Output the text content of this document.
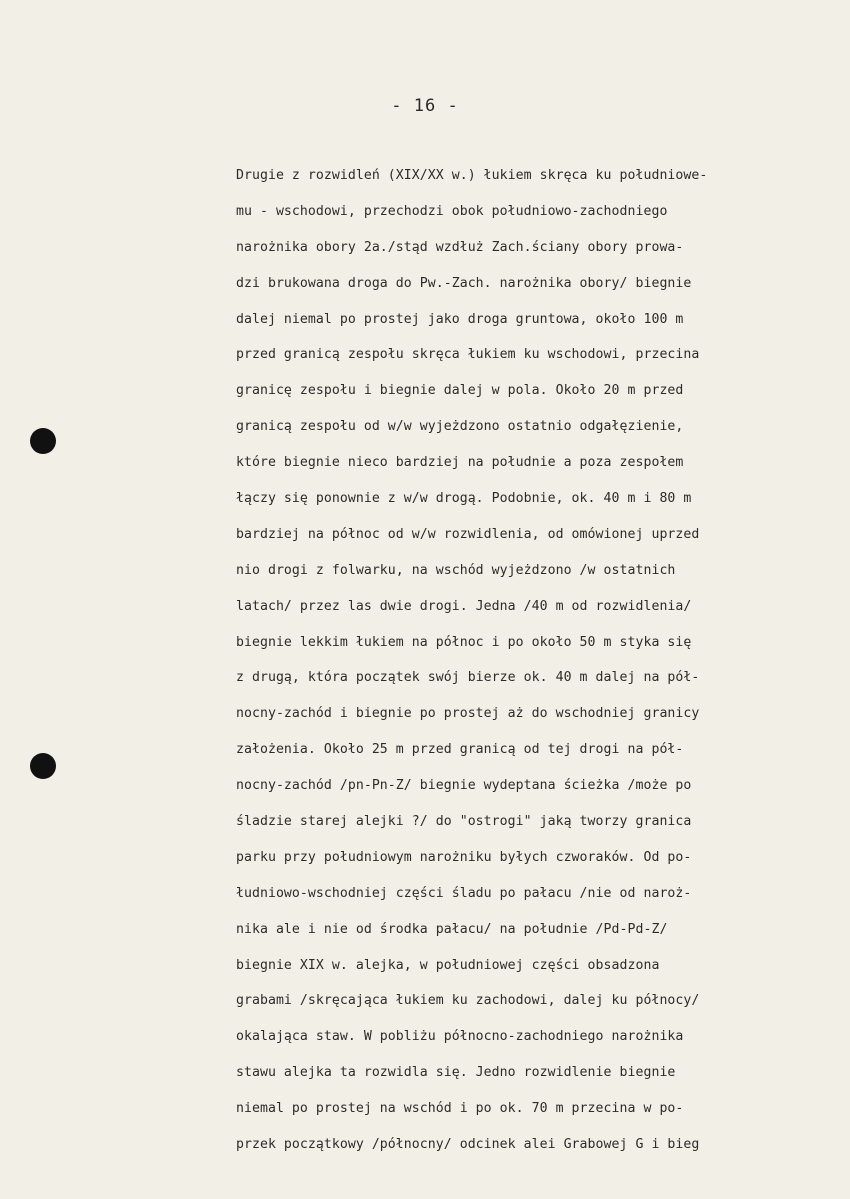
- 16 -
Drugie z rozwidleń (XIX/XX w.) łukiem skręca ku południowe-
mu - wschodowi, przechodzi obok południowo-zachodniego
narożnika obory 2a./stąd wzdłuż Zach.ściany obory prowa-
dzi brukowana droga do Pw.-Zach. narożnika obory/ biegnie
dalej niemal po prostej jako droga gruntowa, około 100 m
przed granicą zespołu skręca łukiem ku wschodowi, przecina
granicę zespołu i biegnie dalej w pola. Około 20 m przed
granicą zespołu od w/w wyjeżdzono ostatnio odgałęzienie,
które biegnie nieco bardziej na południe a poza zespołem
łączy się ponownie z w/w drogą. Podobnie, ok. 40 m i 80 m
bardziej na północ od w/w rozwidlenia, od omówionej uprzed
nio drogi z folwarku, na wschód wyjeżdzono /w ostatnich
latach/ przez las dwie drogi. Jedna /40 m od rozwidlenia/
biegnie lekkim łukiem na północ i po około 50 m styka się
z drugą, która początek swój bierze ok. 40 m dalej na pół-
nocny-zachód i biegnie po prostej aż do wschodniej granicy
założenia. Około 25 m przed granicą od tej drogi na pół-
nocny-zachód /pn-Pn-Z/ biegnie wydeptana ścieżka /może po
śladzie starej alejki ?/ do "ostrogi" jaką tworzy granica
parku przy południowym narożniku byłych czworaków. Od po-
łudniowo-wschodniej części śladu po pałacu /nie od naroż-
nika ale i nie od środka pałacu/ na południe /Pd-Pd-Z/
biegnie XIX w. alejka, w południowej części obsadzona
grabami /skręcająca łukiem ku zachodowi, dalej ku północy/
okalająca staw. W pobliżu północno-zachodniego narożnika
stawu alejka ta rozwidla się. Jedno rozwidlenie biegnie
niemal po prostej na wschód i po ok. 70 m przecina w po-
przek początkowy /północny/ odcinek alei Grabowej G i bieg
